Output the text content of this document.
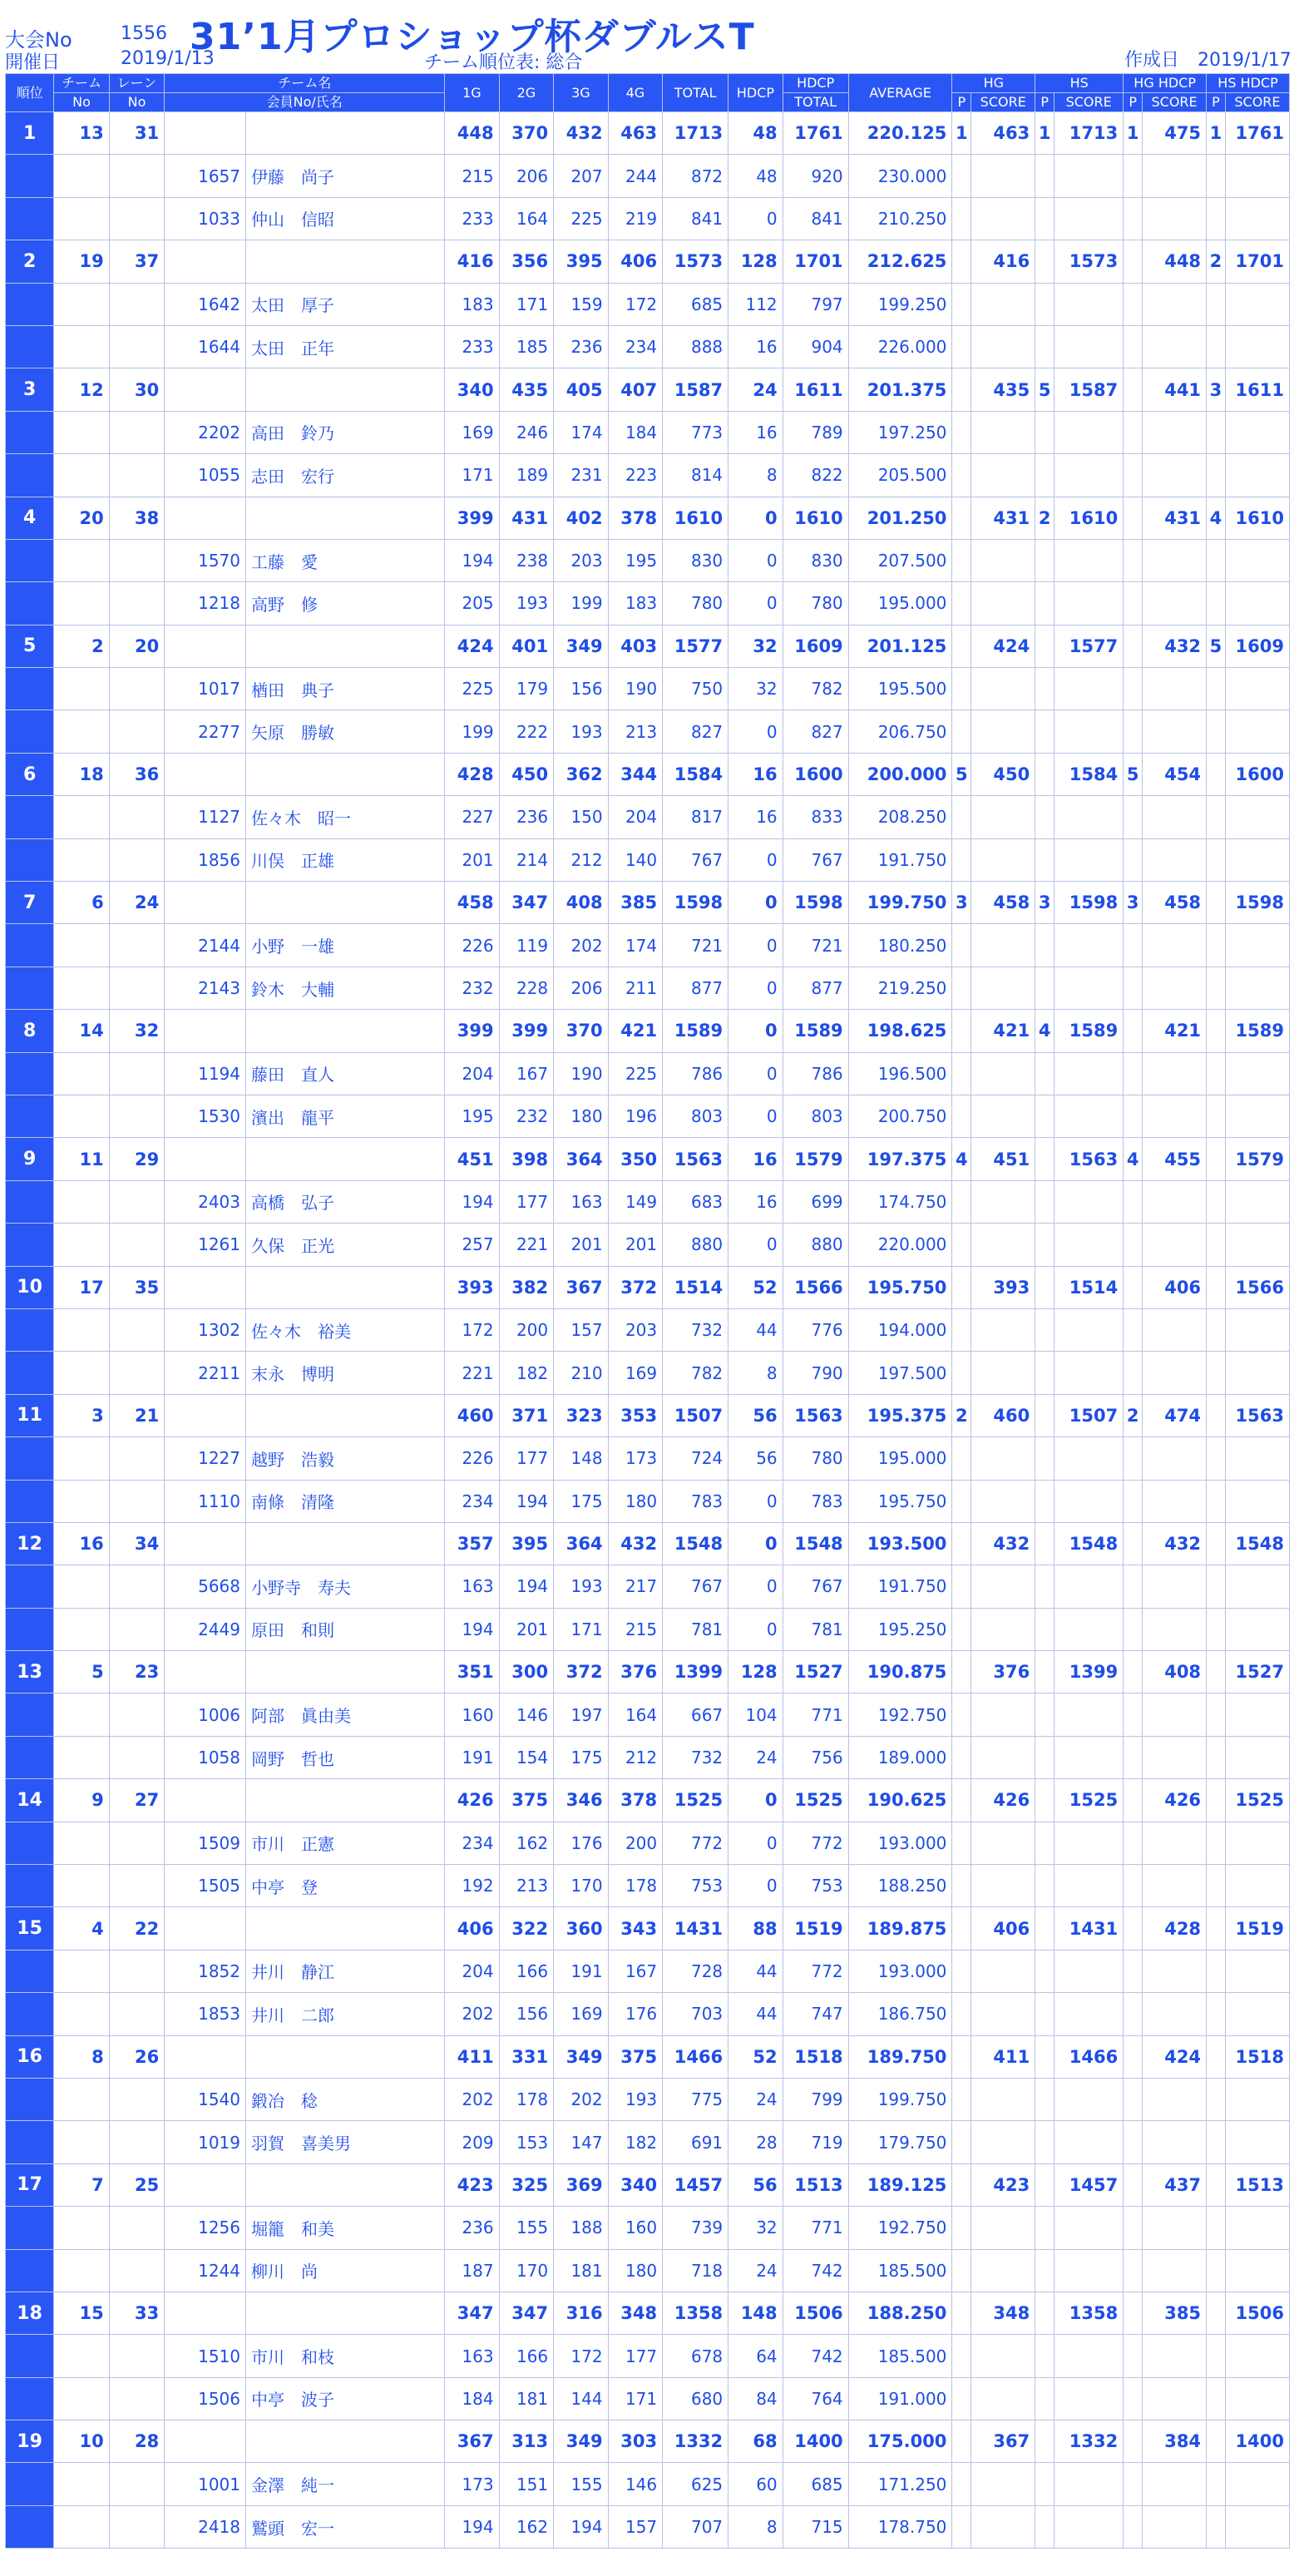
大会No	1556 31’1月プロショップ杯ダブルスT
開催日	2019/1/13	チーム順位表: 総合	作成日　2019/1/17
順位	チーム	レーン	チーム名		1G	2G	3G	4G	TOTAL	HDCP	HDCP	AVERAGE	HG		HS		HG HDCP		HS HDCP	
	No	No	会員No/氏名								TOTAL		P	SCORE	P	SCORE	P	SCORE	P	SCORE
1	13	31			448	370	432	463	1713	48	1761	220.125	1	463	1	1713	1	475	1	1761
			1657	伊藤　尚子	215	206	207	244	872	48	920	230.000								
			1033	仲山　信昭	233	164	225	219	841	0	841	210.250								
2	19	37			416	356	395	406	1573	128	1701	212.625		416		1573		448	2	1701
			1642	太田　厚子	183	171	159	172	685	112	797	199.250								
			1644	太田　正年	233	185	236	234	888	16	904	226.000								
3	12	30			340	435	405	407	1587	24	1611	201.375		435	5	1587		441	3	1611
			2202	高田　鈴乃	169	246	174	184	773	16	789	197.250								
			1055	志田　宏行	171	189	231	223	814	8	822	205.500								
4	20	38			399	431	402	378	1610	0	1610	201.250		431	2	1610		431	4	1610
			1570	工藤　愛	194	238	203	195	830	0	830	207.500								
			1218	高野　修	205	193	199	183	780	0	780	195.000								
5	2	20			424	401	349	403	1577	32	1609	201.125		424		1577		432	5	1609
			1017	楢田　典子	225	179	156	190	750	32	782	195.500								
			2277	矢原　勝敏	199	222	193	213	827	0	827	206.750								
6	18	36			428	450	362	344	1584	16	1600	200.000	5	450		1584	5	454		1600
			1127	佐々木　昭一	227	236	150	204	817	16	833	208.250								
			1856	川俣　正雄	201	214	212	140	767	0	767	191.750								
7	6	24			458	347	408	385	1598	0	1598	199.750	3	458	3	1598	3	458		1598
			2144	小野　一雄	226	119	202	174	721	0	721	180.250								
			2143	鈴木　大輔	232	228	206	211	877	0	877	219.250								
8	14	32			399	399	370	421	1589	0	1589	198.625		421	4	1589		421		1589
			1194	藤田　直人	204	167	190	225	786	0	786	196.500								
			1530	濱出　龍平	195	232	180	196	803	0	803	200.750								
9	11	29			451	398	364	350	1563	16	1579	197.375	4	451		1563	4	455		1579
			2403	高橋　弘子	194	177	163	149	683	16	699	174.750								
			1261	久保　正光	257	221	201	201	880	0	880	220.000								
10	17	35			393	382	367	372	1514	52	1566	195.750		393		1514		406		1566
			1302	佐々木　裕美	172	200	157	203	732	44	776	194.000								
			2211	末永　博明	221	182	210	169	782	8	790	197.500								
11	3	21			460	371	323	353	1507	56	1563	195.375	2	460		1507	2	474		1563
			1227	越野　浩毅	226	177	148	173	724	56	780	195.000								
			1110	南條　清隆	234	194	175	180	783	0	783	195.750								
12	16	34			357	395	364	432	1548	0	1548	193.500		432		1548		432		1548
			5668	小野寺　寿夫	163	194	193	217	767	0	767	191.750								
			2449	原田　和則	194	201	171	215	781	0	781	195.250								
13	5	23			351	300	372	376	1399	128	1527	190.875		376		1399		408		1527
			1006	阿部　眞由美	160	146	197	164	667	104	771	192.750								
			1058	岡野　哲也	191	154	175	212	732	24	756	189.000								
14	9	27			426	375	346	378	1525	0	1525	190.625		426		1525		426		1525
			1509	市川　正憲	234	162	176	200	772	0	772	193.000								
			1505	中亭　登	192	213	170	178	753	0	753	188.250								
15	4	22			406	322	360	343	1431	88	1519	189.875		406		1431		428		1519
			1852	井川　静江	204	166	191	167	728	44	772	193.000								
			1853	井川　二郎	202	156	169	176	703	44	747	186.750								
16	8	26			411	331	349	375	1466	52	1518	189.750		411		1466		424		1518
			1540	鍛冶　稔	202	178	202	193	775	24	799	199.750								
			1019	羽賀　喜美男	209	153	147	182	691	28	719	179.750								
17	7	25			423	325	369	340	1457	56	1513	189.125		423		1457		437		1513
			1256	堀籠　和美	236	155	188	160	739	32	771	192.750								
			1244	柳川　尚	187	170	181	180	718	24	742	185.500								
18	15	33			347	347	316	348	1358	148	1506	188.250		348		1358		385		1506
			1510	市川　和枝	163	166	172	177	678	64	742	185.500								
			1506	中亭　波子	184	181	144	171	680	84	764	191.000								
19	10	28			367	313	349	303	1332	68	1400	175.000		367		1332		384		1400
			1001	金澤　純一	173	151	155	146	625	60	685	171.250								
			2418	鷲頭　宏一	194	162	194	157	707	8	715	178.750								
